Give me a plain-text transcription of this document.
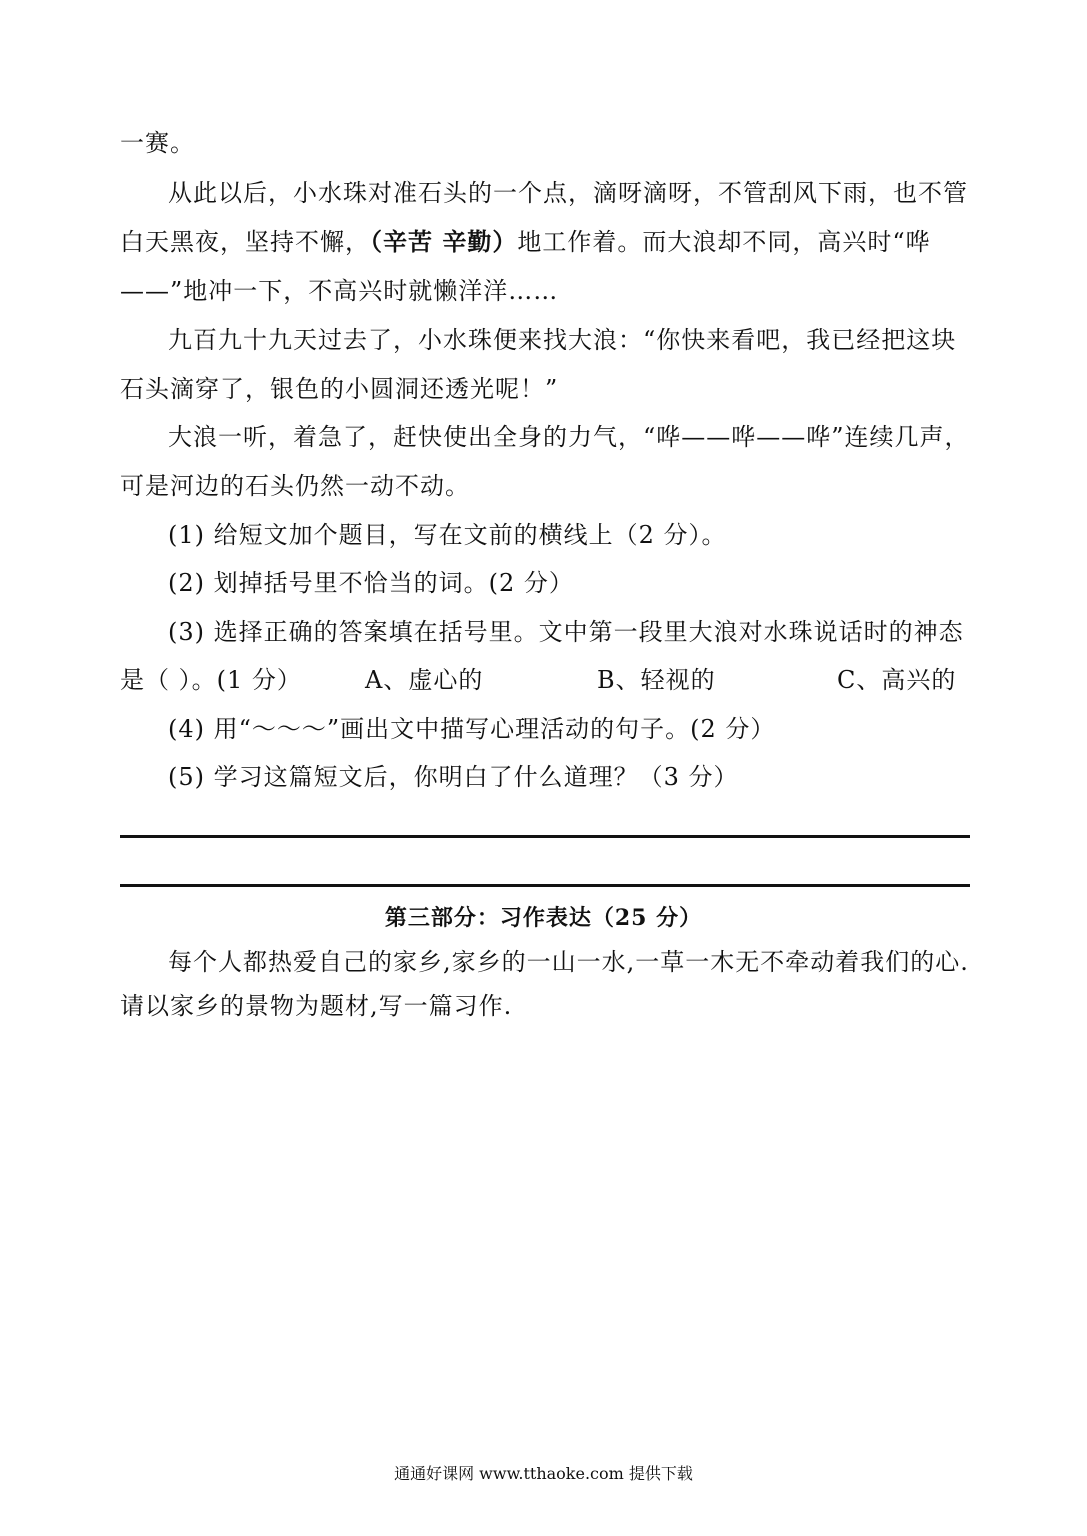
一赛。
从此以后，小水珠对准石头的一个点，滴呀滴呀，不管刮风下雨，也不管
白天黑夜，坚持不懈，（辛苦 辛勤）地工作着。而大浪却不同，高兴时“哗
——”地冲一下，不高兴时就懒洋洋……
九百九十九天过去了，小水珠便来找大浪：“你快来看吧，我已经把这块
石头滴穿了，银色的小圆洞还透光呢！”
大浪一听，着急了，赶快使出全身的力气，“哗——哗——哗”连续几声，
可是河边的石头仍然一动不动。
(1) 给短文加个题目，写在文前的横线上（2 分）。
(2) 划掉括号里不恰当的词。(2 分）
(3) 选择正确的答案填在括号里。文中第一段里大浪对水珠说话时的神态
是（ ）。(1 分）	A、虚心的	B、轻视的	C、高兴的
(4) 用“～～～”画出文中描写心理活动的句子。(2 分）
(5) 学习这篇短文后，你明白了什么道理？（3 分）
第三部分：习作表达（25 分）
每个人都热爱自己的家乡,家乡的一山一水,一草一木无不牵动着我们的心.
请以家乡的景物为题材,写一篇习作.
通通好课网 www.tthaoke.com 提供下载
